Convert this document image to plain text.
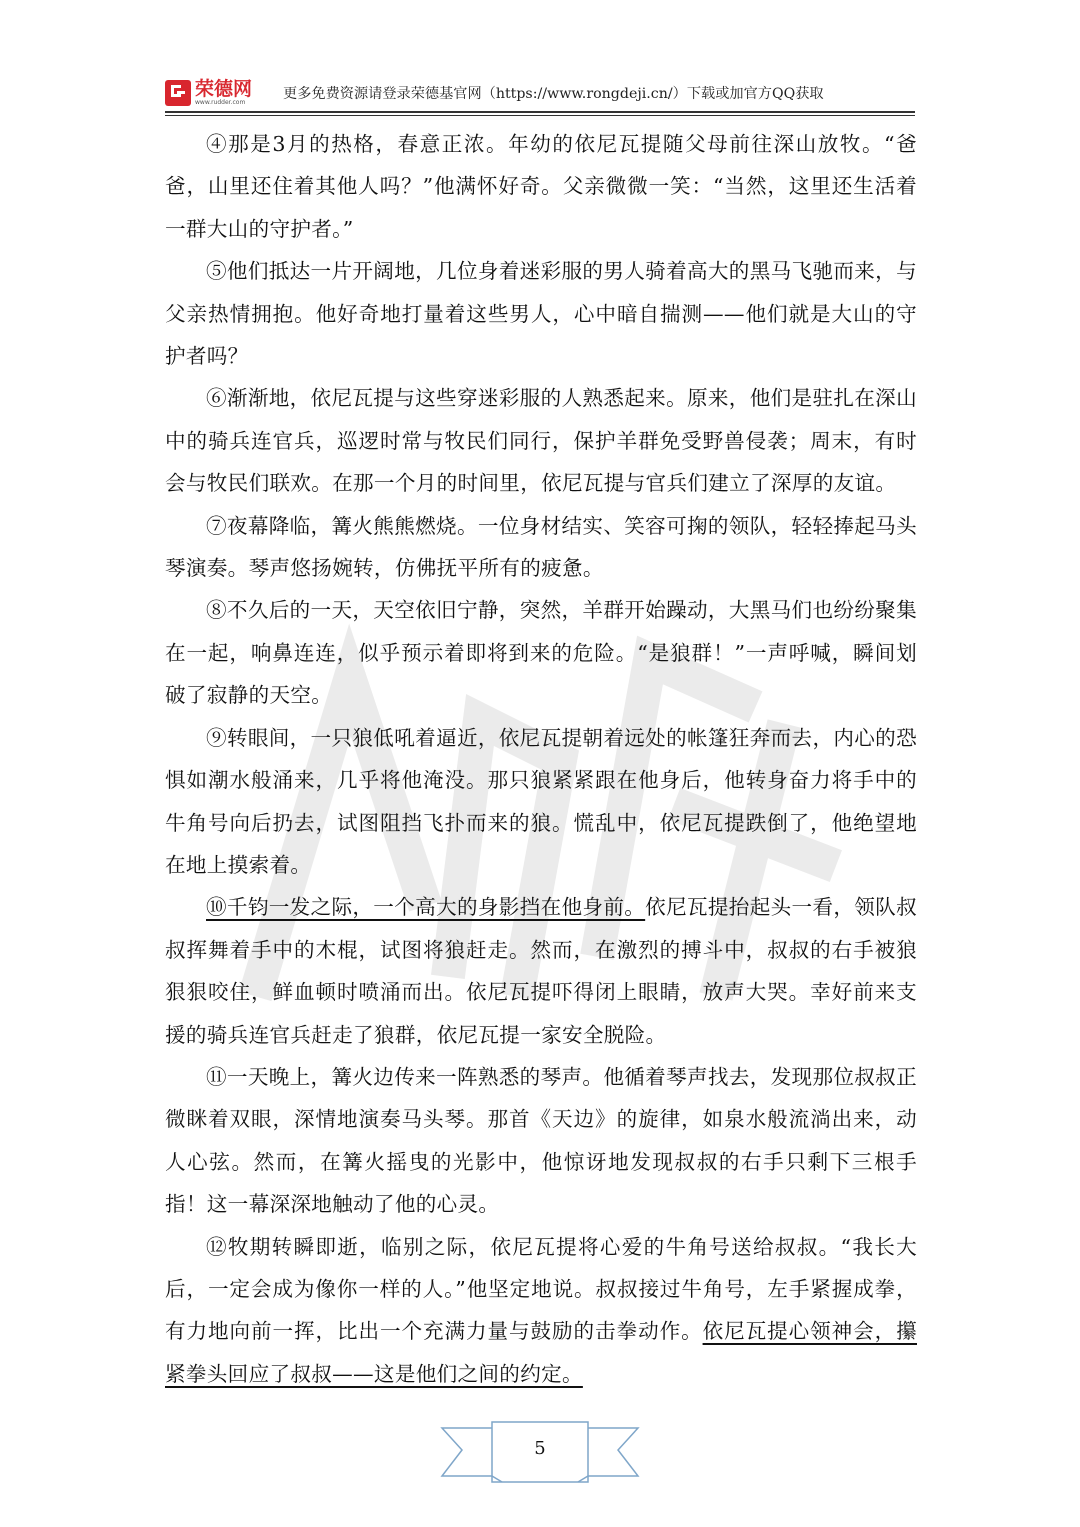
荣德网
www.rudder.com
更多免费资源请登录荣德基官网（https://www.rongdeji.cn/）下载或加官方QQ获取

④那是3月的热格，春意正浓。年幼的依尼瓦提随父母前往深山放牧。“爸爸，山里还住着其他人吗？”他满怀好奇。父亲微微一笑：“当然，这里还生活着一群大山的守护者。”

⑤他们抵达一片开阔地，几位身着迷彩服的男人骑着高大的黑马飞驰而来，与父亲热情拥抱。他好奇地打量着这些男人，心中暗自揣测——他们就是大山的守护者吗？

⑥渐渐地，依尼瓦提与这些穿迷彩服的人熟悉起来。原来，他们是驻扎在深山中的骑兵连官兵，巡逻时常与牧民们同行，保护羊群免受野兽侵袭；周末，有时会与牧民们联欢。在那一个月的时间里，依尼瓦提与官兵们建立了深厚的友谊。

⑦夜幕降临，篝火熊熊燃烧。一位身材结实、笑容可掬的领队，轻轻捧起马头琴演奏。琴声悠扬婉转，仿佛抚平所有的疲惫。

⑧不久后的一天，天空依旧宁静，突然，羊群开始躁动，大黑马们也纷纷聚集在一起，响鼻连连，似乎预示着即将到来的危险。“是狼群！”一声呼喊，瞬间划破了寂静的天空。

⑨转眼间，一只狼低吼着逼近，依尼瓦提朝着远处的帐篷狂奔而去，内心的恐惧如潮水般涌来，几乎将他淹没。那只狼紧紧跟在他身后，他转身奋力将手中的牛角号向后扔去，试图阻挡飞扑而来的狼。慌乱中，依尼瓦提跌倒了，他绝望地在地上摸索着。

⑩千钧一发之际，一个高大的身影挡在他身前。依尼瓦提抬起头一看，领队叔叔挥舞着手中的木棍，试图将狼赶走。然而，在激烈的搏斗中，叔叔的右手被狼狠狠咬住，鲜血顿时喷涌而出。依尼瓦提吓得闭上眼睛，放声大哭。幸好前来支援的骑兵连官兵赶走了狼群，依尼瓦提一家安全脱险。

⑪一天晚上，篝火边传来一阵熟悉的琴声。他循着琴声找去，发现那位叔叔正微眯着双眼，深情地演奏马头琴。那首《天边》的旋律，如泉水般流淌出来，动人心弦。然而，在篝火摇曳的光影中，他惊讶地发现叔叔的右手只剩下三根手指！这一幕深深地触动了他的心灵。

⑫牧期转瞬即逝，临别之际，依尼瓦提将心爱的牛角号送给叔叔。“我长大后，一定会成为像你一样的人。”他坚定地说。叔叔接过牛角号，左手紧握成拳，有力地向前一挥，比出一个充满力量与鼓励的击拳动作。依尼瓦提心领神会，攥紧拳头回应了叔叔——这是他们之间的约定。

5
